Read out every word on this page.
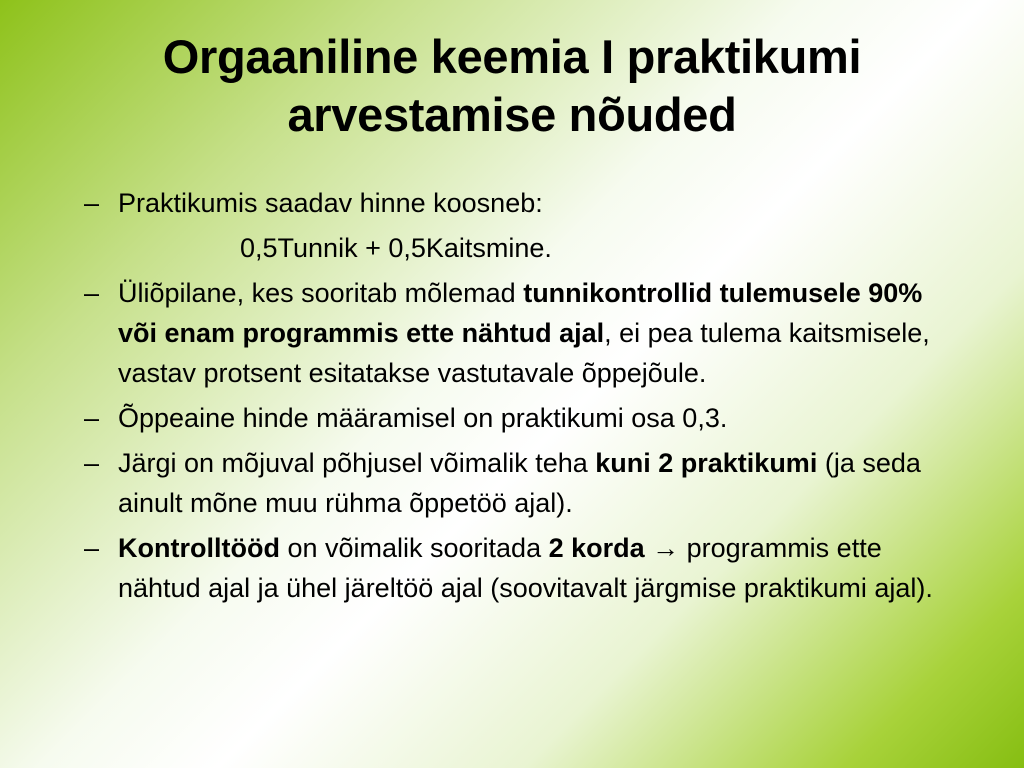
Orgaaniline keemia I praktikumi
arvestamise nõuded
– Praktikumis saadav hinne koosneb:
0,5Tunnik + 0,5Kaitsmine.
– Üliõpilane, kes sooritab mõlemad tunnikontrollid tulemusele 90% või enam programmis ette nähtud ajal, ei pea tulema kaitsmisele, vastav protsent esitatakse vastutavale õppejõule.
– Õppeaine hinde määramisel on praktikumi osa 0,3.
– Järgi on mõjuval põhjusel võimalik teha kuni 2 praktikumi (ja seda ainult mõne muu rühma õppetöö ajal).
– Kontrolltööd on võimalik sooritada 2 korda → programmis ette nähtud ajal ja ühel järeltöö ajal (soovitavalt järgmise praktikumi ajal).
